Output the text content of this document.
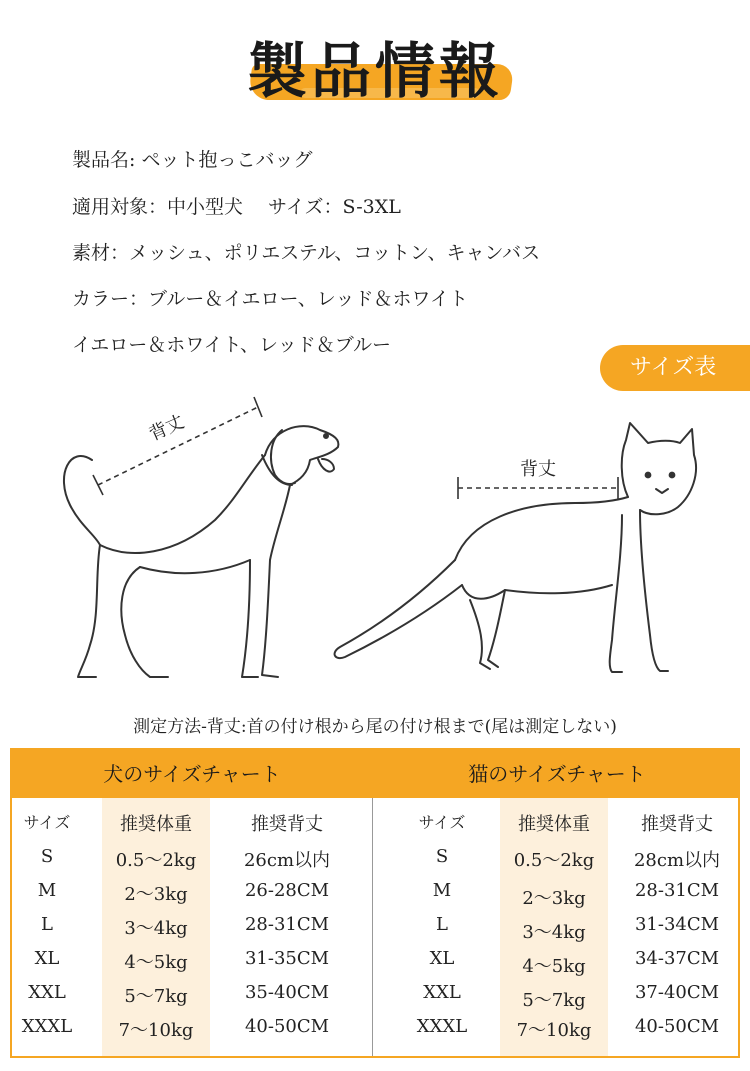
製品情報
製品名: ペット抱っこバッグ
適用対象：中小型犬　 サイズ：S-3XL
素材：メッシュ、ポリエステル、コットン、キャンバス
カラー：ブルー＆イエロー、レッド＆ホワイト
イエロー＆ホワイト、レッド＆ブルー
サイズ表
背丈
背丈
測定方法-背丈:首の付け根から尾の付け根まで(尾は測定しない)
犬のサイズチャート	猫のサイズチャート
サイズ	推奨体重	推奨背丈	サイズ	推奨体重	推奨背丈
S	0.5～2kg	26cm以内
M	2～3kg	26-28CM
L	3～4kg	28-31CM
XL	4～5kg	31-35CM
XXL	5～7kg	35-40CM
XXXL	7～10kg	40-50CM
S	0.5～2kg	28cm以内
M	2～3kg	28-31CM
L	3～4kg	31-34CM
XL	4～5kg	34-37CM
XXL	5～7kg	37-40CM
XXXL	7～10kg	40-50CM
